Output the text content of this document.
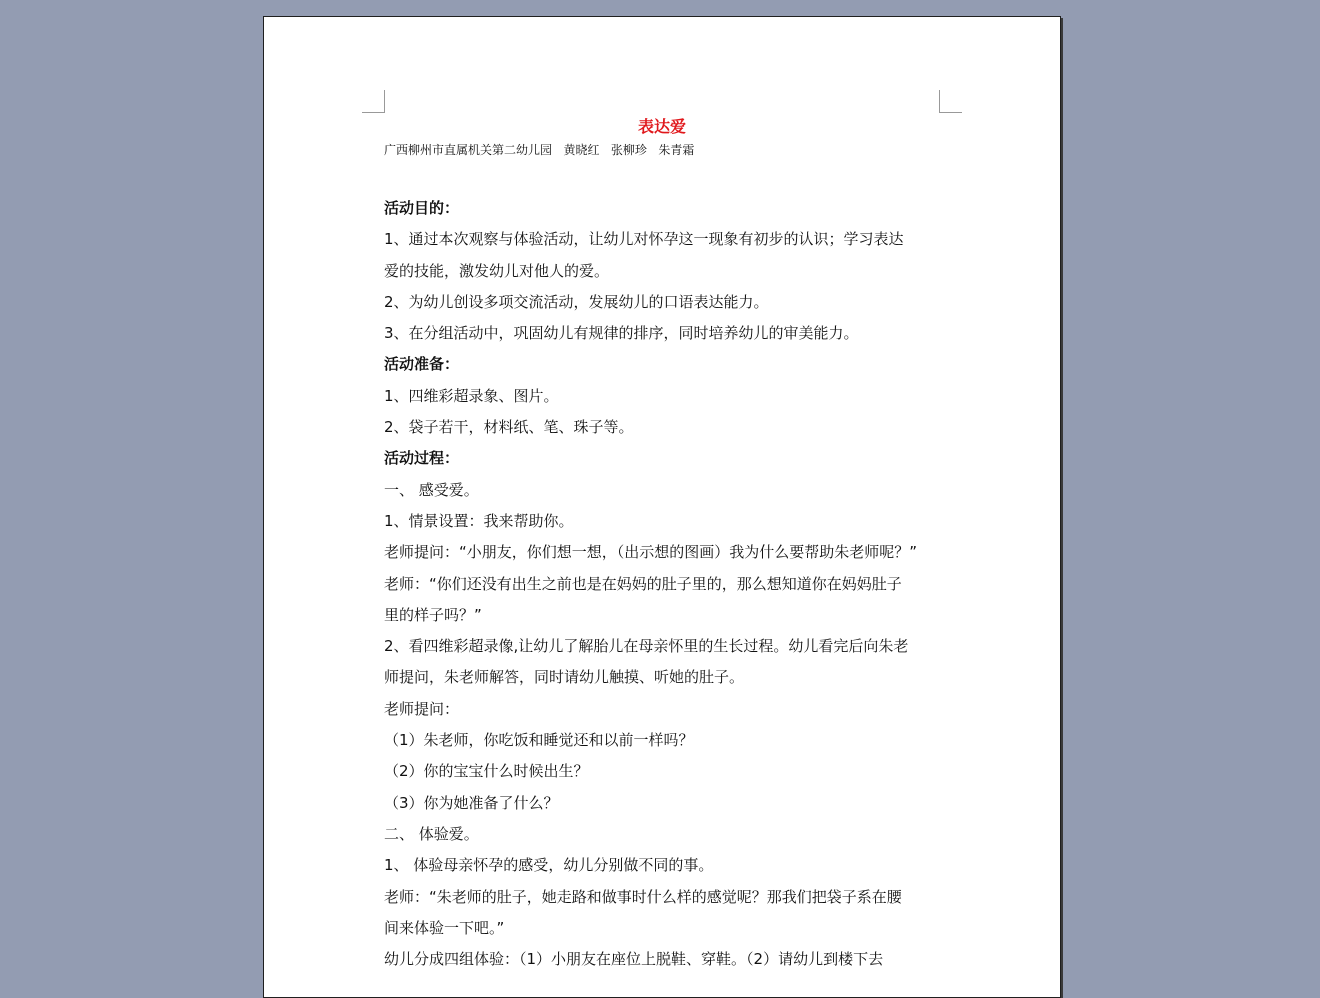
表达爱
广西柳州市直属机关第二幼儿园   黄晓红   张柳珍   朱青霜

活动目的：

1、通过本次观察与体验活动，让幼儿对怀孕这一现象有初步的认识；学习表达

爱的技能，激发幼儿对他人的爱。

2、为幼儿创设多项交流活动，发展幼儿的口语表达能力。

3、在分组活动中，巩固幼儿有规律的排序，同时培养幼儿的审美能力。

活动准备：

1、四维彩超录象、图片。

2、袋子若干，材料纸、笔、珠子等。

活动过程：

一、 感受爱。

1、情景设置：我来帮助你。

老师提问：“小朋友，你们想一想，（出示想的图画）我为什么要帮助朱老师呢？”

老师：“你们还没有出生之前也是在妈妈的肚子里的，那么想知道你在妈妈肚子

里的样子吗？”

2、看四维彩超录像,让幼儿了解胎儿在母亲怀里的生长过程。幼儿看完后向朱老

师提问，朱老师解答，同时请幼儿触摸、听她的肚子。

老师提问：

（1）朱老师，你吃饭和睡觉还和以前一样吗？

（2）你的宝宝什么时候出生？

（3）你为她准备了什么？

二、 体验爱。

1、 体验母亲怀孕的感受，幼儿分别做不同的事。

老师：“朱老师的肚子，她走路和做事时什么样的感觉呢？那我们把袋子系在腰

间来体验一下吧。”

幼儿分成四组体验：（1）小朋友在座位上脱鞋、穿鞋。（2）请幼儿到楼下去
